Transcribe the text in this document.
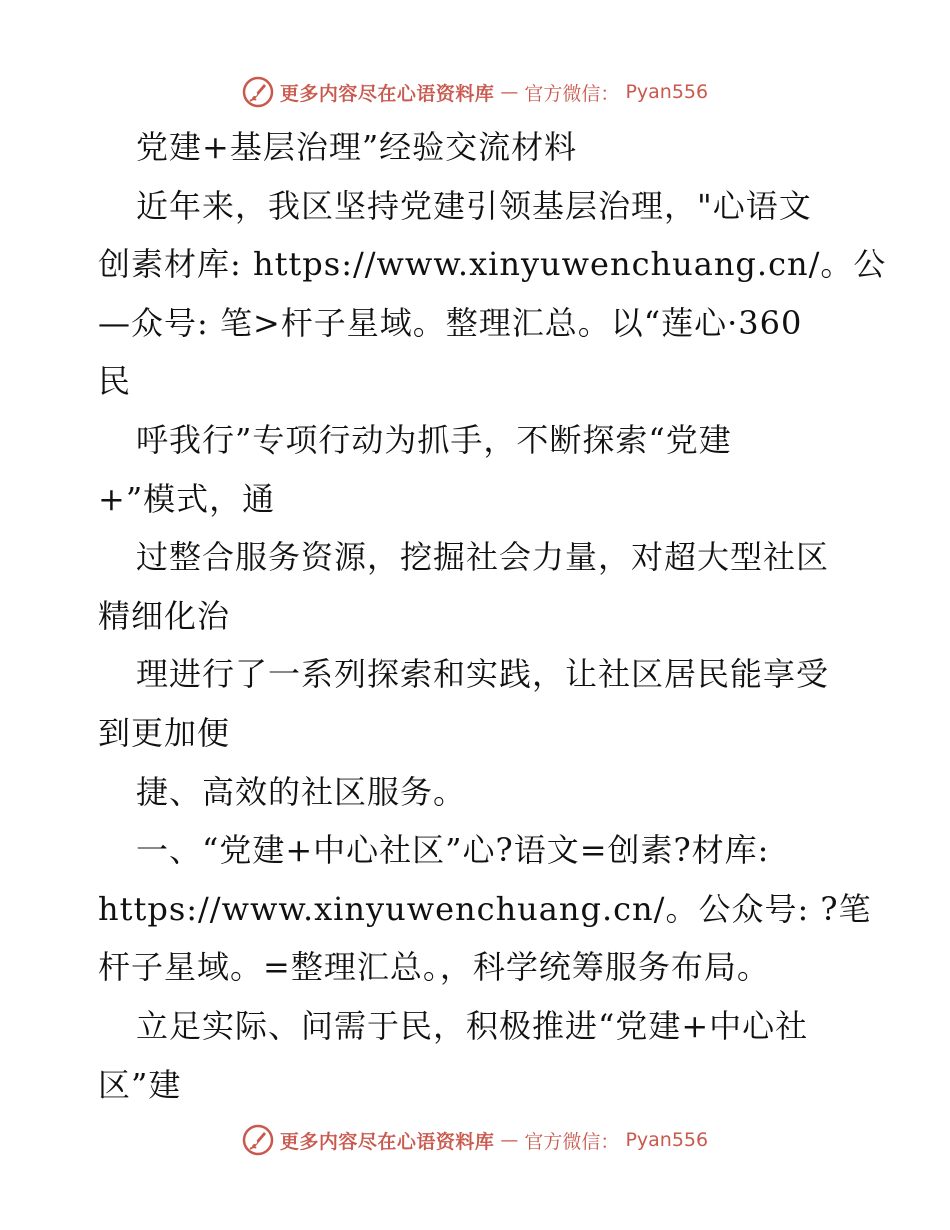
更多内容尽在心语资料库 — 官方微信： Pyan556
党建+基层治理”经验交流材料
近年来，我区坚持党建引领基层治理，"心语文
创素材库: https://www.xinyuwenchuang.cn/。公
—众号: 笔>杆子星域。整理汇总。以“莲心·360
民
呼我行”专项行动为抓手，不断探索“党建
+”模式，通
过整合服务资源，挖掘社会力量，对超大型社区
精细化治
理进行了一系列探索和实践，让社区居民能享受
到更加便
捷、高效的社区服务。
一、“党建+中心社区”心?语文=创素?材库:
https://www.xinyuwenchuang.cn/。公众号: ?笔
杆子星域。=整理汇总。，科学统筹服务布局。
立足实际、问需于民，积极推进“党建+中心社
区”建
更多内容尽在心语资料库 — 官方微信： Pyan556
